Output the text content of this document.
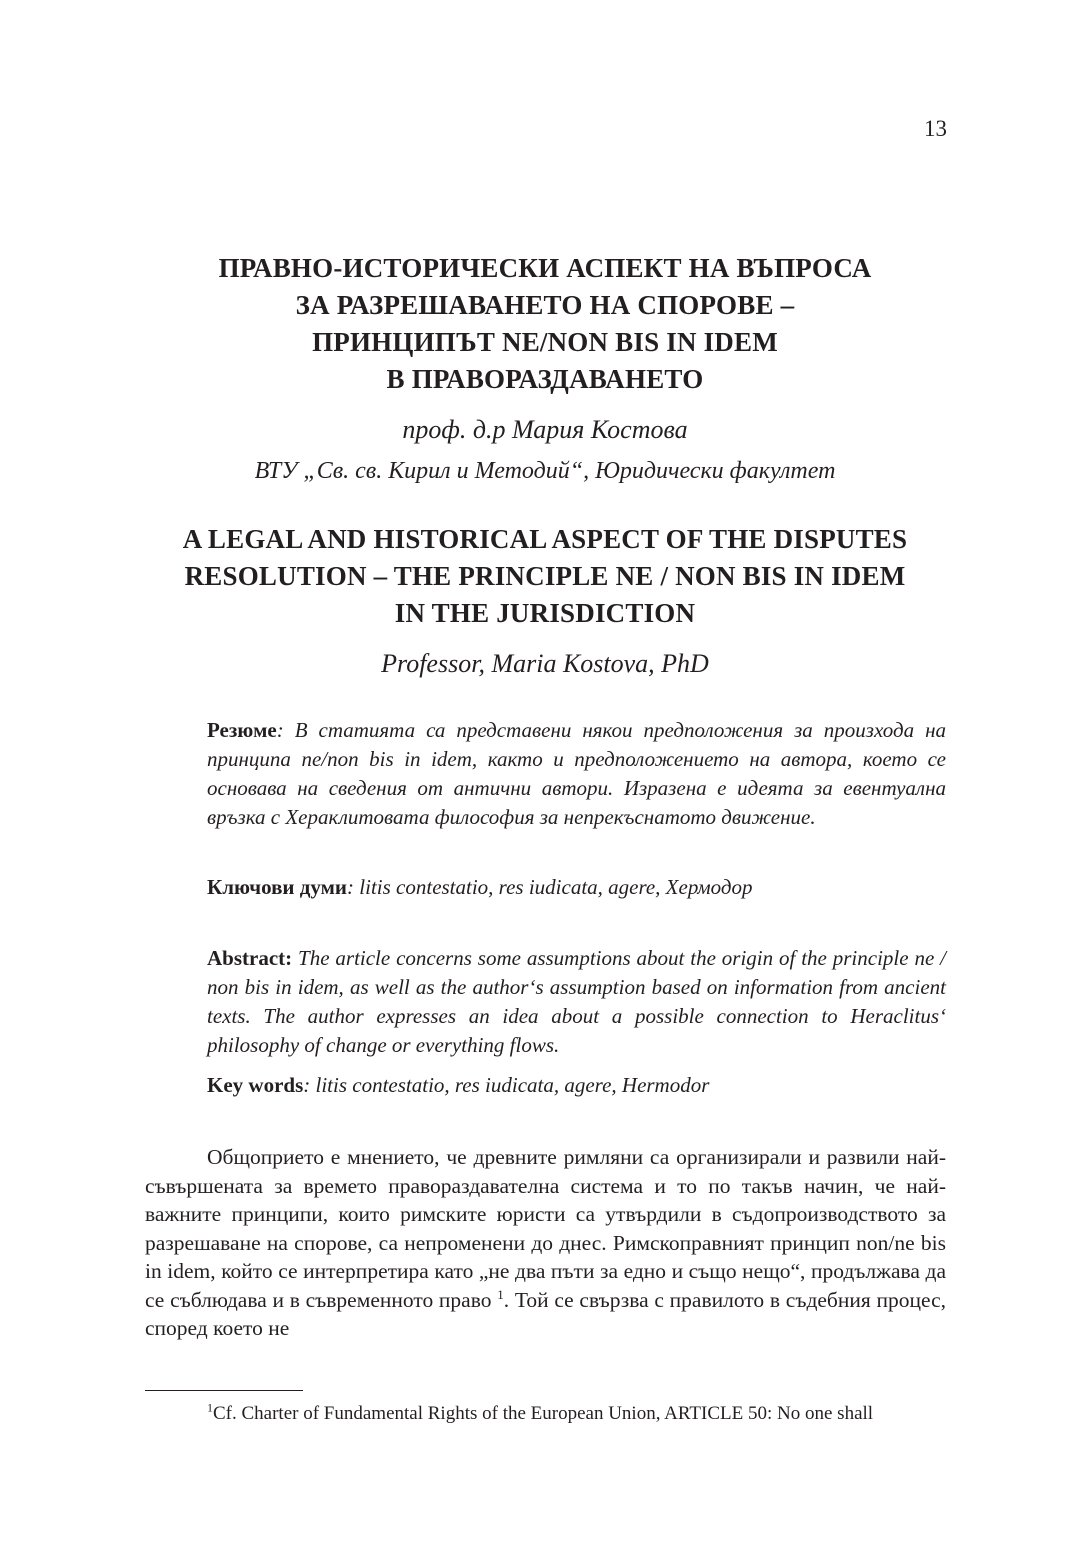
13
ПРАВНО-ИСТОРИЧЕСКИ АСПЕКТ НА ВЪПРОСА
ЗА РАЗРЕШАВАНЕТО НА СПОРОВЕ –
ПРИНЦИПЪТ NE/NON BIS IN IDEM
В ПРАВОРАЗДАВАНЕТО
проф. д.р Мария Костова
ВТУ „Св. св. Кирил и Методий“, Юридически факултет
A LEGAL AND HISTORICAL ASPECT OF THE DISPUTES
RESOLUTION – THE PRINCIPLE NE / NON BIS IN IDEM
IN THE JURISDICTION
Professor, Maria Kostova, PhD
Резюме: В статията са представени някои предположения за произхода на принципа ne/non bis in idem, както и предположението на автора, което се основава на сведения от антични автори. Изразена е идеята за евентуална връзка с Хераклитовата философия за непрекъснатото движение.
Ключови думи: litis contestatio, res iudicata, agere, Хермодор
Abstract: The article concerns some assumptions about the origin of the principle ne / non bis in idem, as well as the author‘s assumption based on information from ancient texts. The author expresses an idea about a possible connection to Heraclitus‘ philosophy of change or everything flows.
Key words: litis contestatio, res iudicata, agere, Hermodor
Общоприето е мнението, че древните римляни са организирали и развили най-съвършената за времето правораздавателна система и то по такъв начин, че най-важните принципи, които римските юристи са утвърдили в съдопроизводството за разрешаване на спорове, са непроменени до днес. Римскоправният принцип non/ne bis in idem, който се интерпретира като „не два пъти за едно и също нещо“, продължава да се съблюдава и в съвременното право $^1$. Той се свързва с правилото в съдебния процес, според което не
$^1$Cf. Charter of Fundamental Rights of the European Union, ARTICLE 50: No one shall
